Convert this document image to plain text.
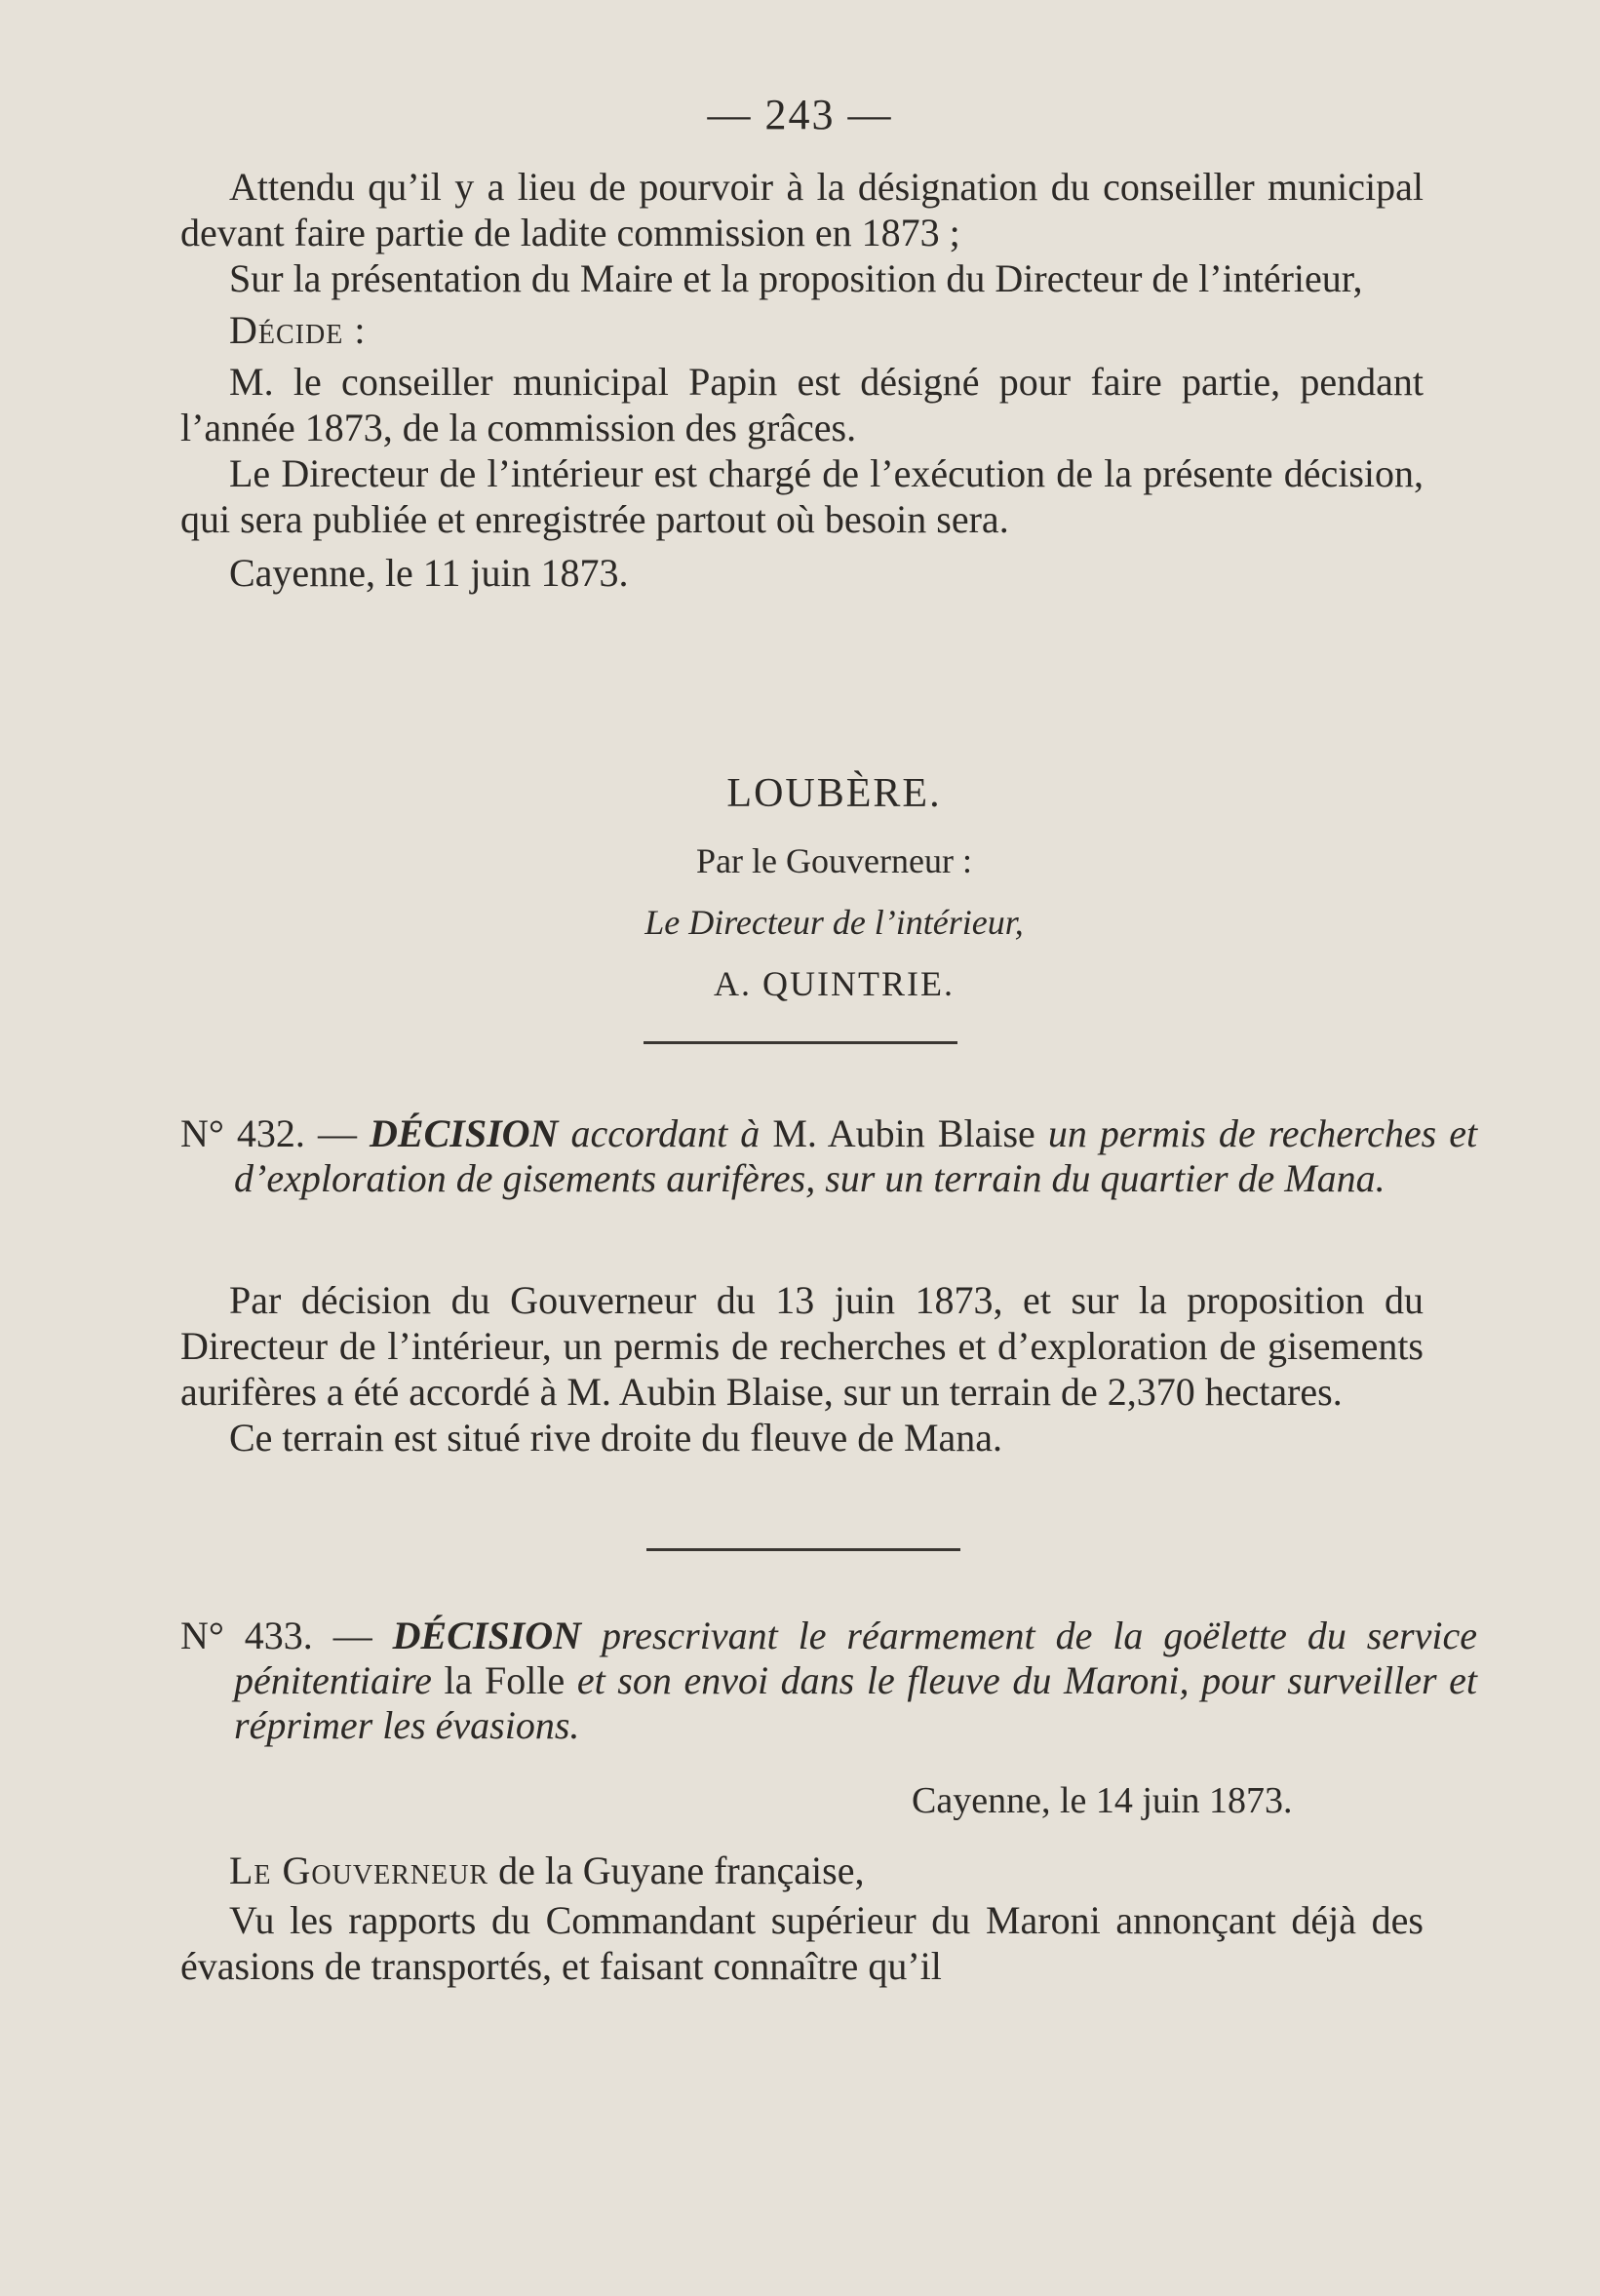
— 243 —

Attendu qu’il y a lieu de pourvoir à la désignation du conseiller municipal devant faire partie de ladite commission en 1873 ;

Sur la présentation du Maire et la proposition du Directeur de l’intérieur,

Décide :

M. le conseiller municipal Papin est désigné pour faire partie, pendant l’année 1873, de la commission des grâces.

Le Directeur de l’intérieur est chargé de l’exécution de la présente décision, qui sera publiée et enregistrée partout où besoin sera.

Cayenne, le 11 juin 1873.

LOUBÈRE.
Par le Gouverneur :
Le Directeur de l’intérieur,
A. QUINTRIE.
N° 432. — DÉCISION accordant à M. Aubin Blaise un permis de recherches et d’exploration de gisements aurifères, sur un terrain du quartier de Mana.

Par décision du Gouverneur du 13 juin 1873, et sur la proposition du Directeur de l’intérieur, un permis de recherches et d’exploration de gisements aurifères a été accordé à M. Aubin Blaise, sur un terrain de 2,370 hectares.

Ce terrain est situé rive droite du fleuve de Mana.

N° 433. — DÉCISION prescrivant le réarmement de la goëlette du service pénitentiaire la Folle et son envoi dans le fleuve du Maroni, pour surveiller et réprimer les évasions.
Cayenne, le 14 juin 1873.

Le Gouverneur de la Guyane française,

Vu les rapports du Commandant supérieur du Maroni annonçant déjà des évasions de transportés, et faisant connaître qu’il
